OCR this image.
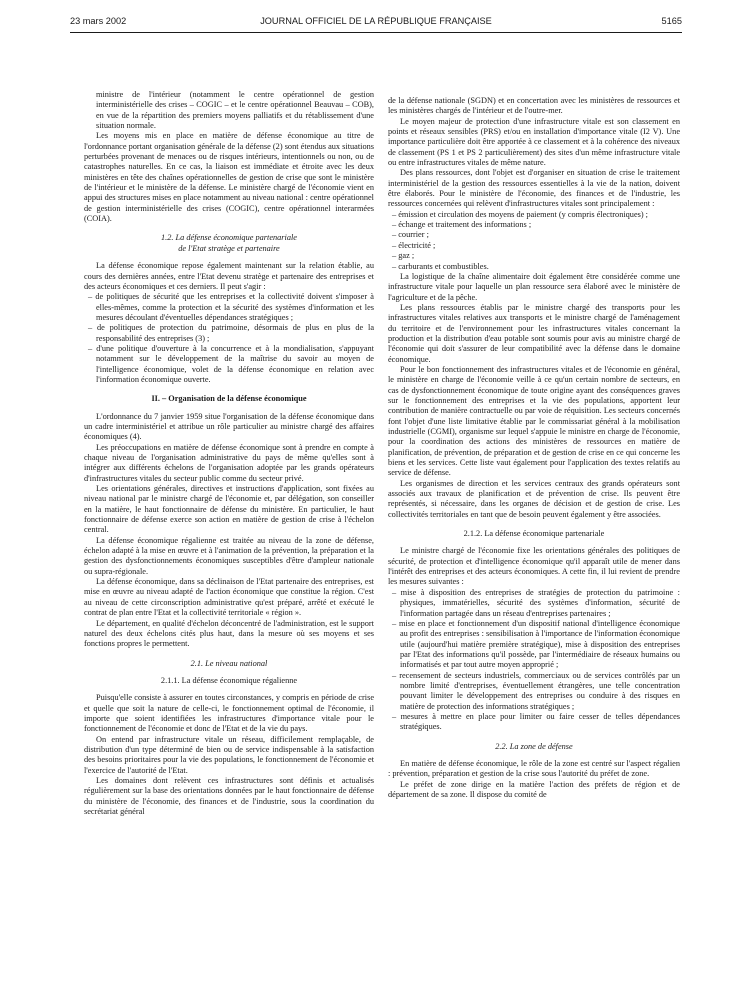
23 mars 2002	JOURNAL OFFICIEL DE LA RÉPUBLIQUE FRANÇAISE	5165

ministre de l'intérieur (notamment le centre opérationnel de gestion interministérielle des crises – COGIC – et le centre opérationnel Beauvau – COB), en vue de la répartition des premiers moyens palliatifs et du rétablissement d'une situation normale.

Les moyens mis en place en matière de défense économique au titre de l'ordonnance portant organisation générale de la défense (2) sont étendus aux situations perturbées provenant de menaces ou de risques intérieurs, intentionnels ou non, ou de catastrophes naturelles. En ce cas, la liaison est immédiate et étroite avec les deux ministères en tête des chaînes opérationnelles de gestion de crise que sont le ministère de l'intérieur et le ministère de la défense. Le ministère chargé de l'économie vient en appui des structures mises en place notamment au niveau national : centre opérationnel de gestion interministérielle des crises (COGIC), centre opérationnel interarmées (COIA).

1.2. La défense économique partenariale
de l'Etat stratège et partenaire

La défense économique repose également maintenant sur la relation établie, au cours des dernières années, entre l'Etat devenu stratège et partenaire des entreprises et des acteurs économiques et ces derniers. Il peut s'agir :

– de politiques de sécurité que les entreprises et la collectivité doivent s'imposer à elles-mêmes, comme la protection et la sécurité des systèmes d'information et les mesures découlant d'éventuelles dépendances stratégiques ;
– de politiques de protection du patrimoine, désormais de plus en plus de la responsabilité des entreprises (3) ;
– d'une politique d'ouverture à la concurrence et à la mondialisation, s'appuyant notamment sur le développement de la maîtrise du savoir au moyen de l'intelligence économique, volet de la défense économique en relation avec l'information économique ouverte.
II. – Organisation de la défense économique

L'ordonnance du 7 janvier 1959 situe l'organisation de la défense économique dans un cadre interministériel et attribue un rôle particulier au ministre chargé des affaires économiques (4).

Les préoccupations en matière de défense économique sont à prendre en compte à chaque niveau de l'organisation administrative du pays de même qu'elles sont à intégrer aux différents échelons de l'organisation adoptée par les grands opérateurs d'infrastructures vitales du secteur public comme du secteur privé.

Les orientations générales, directives et instructions d'application, sont fixées au niveau national par le ministre chargé de l'économie et, par délégation, son conseiller en la matière, le haut fonctionnaire de défense du ministère. En particulier, le haut fonctionnaire de défense exerce son action en matière de gestion de crise à l'échelon central.

La défense économique régalienne est traitée au niveau de la zone de défense, échelon adapté à la mise en œuvre et à l'animation de la prévention, la préparation et la gestion des dysfonctionnements économiques susceptibles d'être d'ampleur nationale ou supra-régionale.

La défense économique, dans sa déclinaison de l'Etat partenaire des entreprises, est mise en œuvre au niveau adapté de l'action économique que constitue la région. C'est au niveau de cette circonscription administrative qu'est préparé, arrêté et exécuté le contrat de plan entre l'Etat et la collectivité territoriale « région ».

Le département, en qualité d'échelon déconcentré de l'administration, est le support naturel des deux échelons cités plus haut, dans la mesure où ses moyens et ses fonctions propres le permettent.

2.1. Le niveau national
2.1.1. La défense économique régalienne

Puisqu'elle consiste à assurer en toutes circonstances, y compris en période de crise et quelle que soit la nature de celle-ci, le fonctionnement optimal de l'économie, il importe que soient identifiées les infrastructures d'importance vitale pour le fonctionnement de l'économie et donc de l'Etat et de la vie du pays.

On entend par infrastructure vitale un réseau, difficilement remplaçable, de distribution d'un type déterminé de bien ou de service indispensable à la satisfaction des besoins prioritaires pour la vie des populations, le fonctionnement de l'économie et l'exercice de l'autorité de l'Etat.

Les domaines dont relèvent ces infrastructures sont définis et actualisés régulièrement sur la base des orientations données par le haut fonctionnaire de défense du ministère de l'économie, des finances et de l'industrie, sous la coordination du secrétariat général

de la défense nationale (SGDN) et en concertation avec les ministères de ressources et les ministères chargés de l'intérieur et de l'outre-mer.

Le moyen majeur de protection d'une infrastructure vitale est son classement en points et réseaux sensibles (PRS) et/ou en installation d'importance vitale (I2 V). Une importance particulière doit être apportée à ce classement et à la cohérence des niveaux de classement (PS 1 et PS 2 particulièrement) des sites d'un même infrastructure vitale ou entre infrastructures vitales de même nature.

Des plans ressources, dont l'objet est d'organiser en situation de crise le traitement interministériel de la gestion des ressources essentielles à la vie de la nation, doivent être élaborés. Pour le ministère de l'économie, des finances et de l'industrie, les ressources concernées qui relèvent d'infrastructures vitales sont principalement :

– émission et circulation des moyens de paiement (y compris électroniques) ;
– échange et traitement des informations ;
– courrier ;
– électricité ;
– gaz ;
– carburants et combustibles.

La logistique de la chaîne alimentaire doit également être considérée comme une infrastructure vitale pour laquelle un plan ressource sera élaboré avec le ministère de l'agriculture et de la pêche.

Les plans ressources établis par le ministre chargé des transports pour les infrastructures vitales relatives aux transports et le ministre chargé de l'aménagement du territoire et de l'environnement pour les infrastructures vitales concernant la production et la distribution d'eau potable sont soumis pour avis au ministre chargé de l'économie qui doit s'assurer de leur compatibilité avec la défense dans le domaine économique.

Pour le bon fonctionnement des infrastructures vitales et de l'économie en général, le ministère en charge de l'économie veille à ce qu'un certain nombre de secteurs, en cas de dysfonctionnement économique de toute origine ayant des conséquences graves sur le fonctionnement des entreprises et la vie des populations, apportent leur contribution de manière contractuelle ou par voie de réquisition. Les secteurs concernés font l'objet d'une liste limitative établie par le commissariat général à la mobilisation industrielle (CGMI), organisme sur lequel s'appuie le ministre en charge de l'économie, pour la coordination des actions des ministères de ressources en matière de planification, de prévention, de préparation et de gestion de crise en ce qui concerne les biens et les services. Cette liste vaut également pour l'application des textes relatifs au service de défense.

Les organismes de direction et les services centraux des grands opérateurs sont associés aux travaux de planification et de prévention de crise. Ils peuvent être représentés, si nécessaire, dans les organes de décision et de gestion de crise. Les collectivités territoriales en tant que de besoin peuvent également y être associées.

2.1.2. La défense économique partenariale

Le ministre chargé de l'économie fixe les orientations générales des politiques de sécurité, de protection et d'intelligence économique qu'il apparaît utile de mener dans l'intérêt des entreprises et des acteurs économiques. A cette fin, il lui revient de prendre les mesures suivantes :

– mise à disposition des entreprises de stratégies de protection du patrimoine : physiques, immatérielles, sécurité des systèmes d'information, sécurité de l'information partagée dans un réseau d'entreprises partenaires ;
– mise en place et fonctionnement d'un dispositif national d'intelligence économique au profit des entreprises : sensibilisation à l'importance de l'information économique utile (aujourd'hui matière première stratégique), mise à disposition des entreprises par l'Etat des informations qu'il possède, par l'intermédiaire de réseaux humains ou informatisés et par tout autre moyen approprié ;
– recensement de secteurs industriels, commerciaux ou de services contrôlés par un nombre limité d'entreprises, éventuellement étrangères, une telle concentration pouvant limiter le développement des entreprises ou conduire à des risques en matière de protection des informations stratégiques ;
– mesures à mettre en place pour limiter ou faire cesser de telles dépendances stratégiques.
2.2. La zone de défense

En matière de défense économique, le rôle de la zone est centré sur l'aspect régalien : prévention, préparation et gestion de la crise sous l'autorité du préfet de zone.

Le préfet de zone dirige en la matière l'action des préfets de région et de département de sa zone. Il dispose du comité de
